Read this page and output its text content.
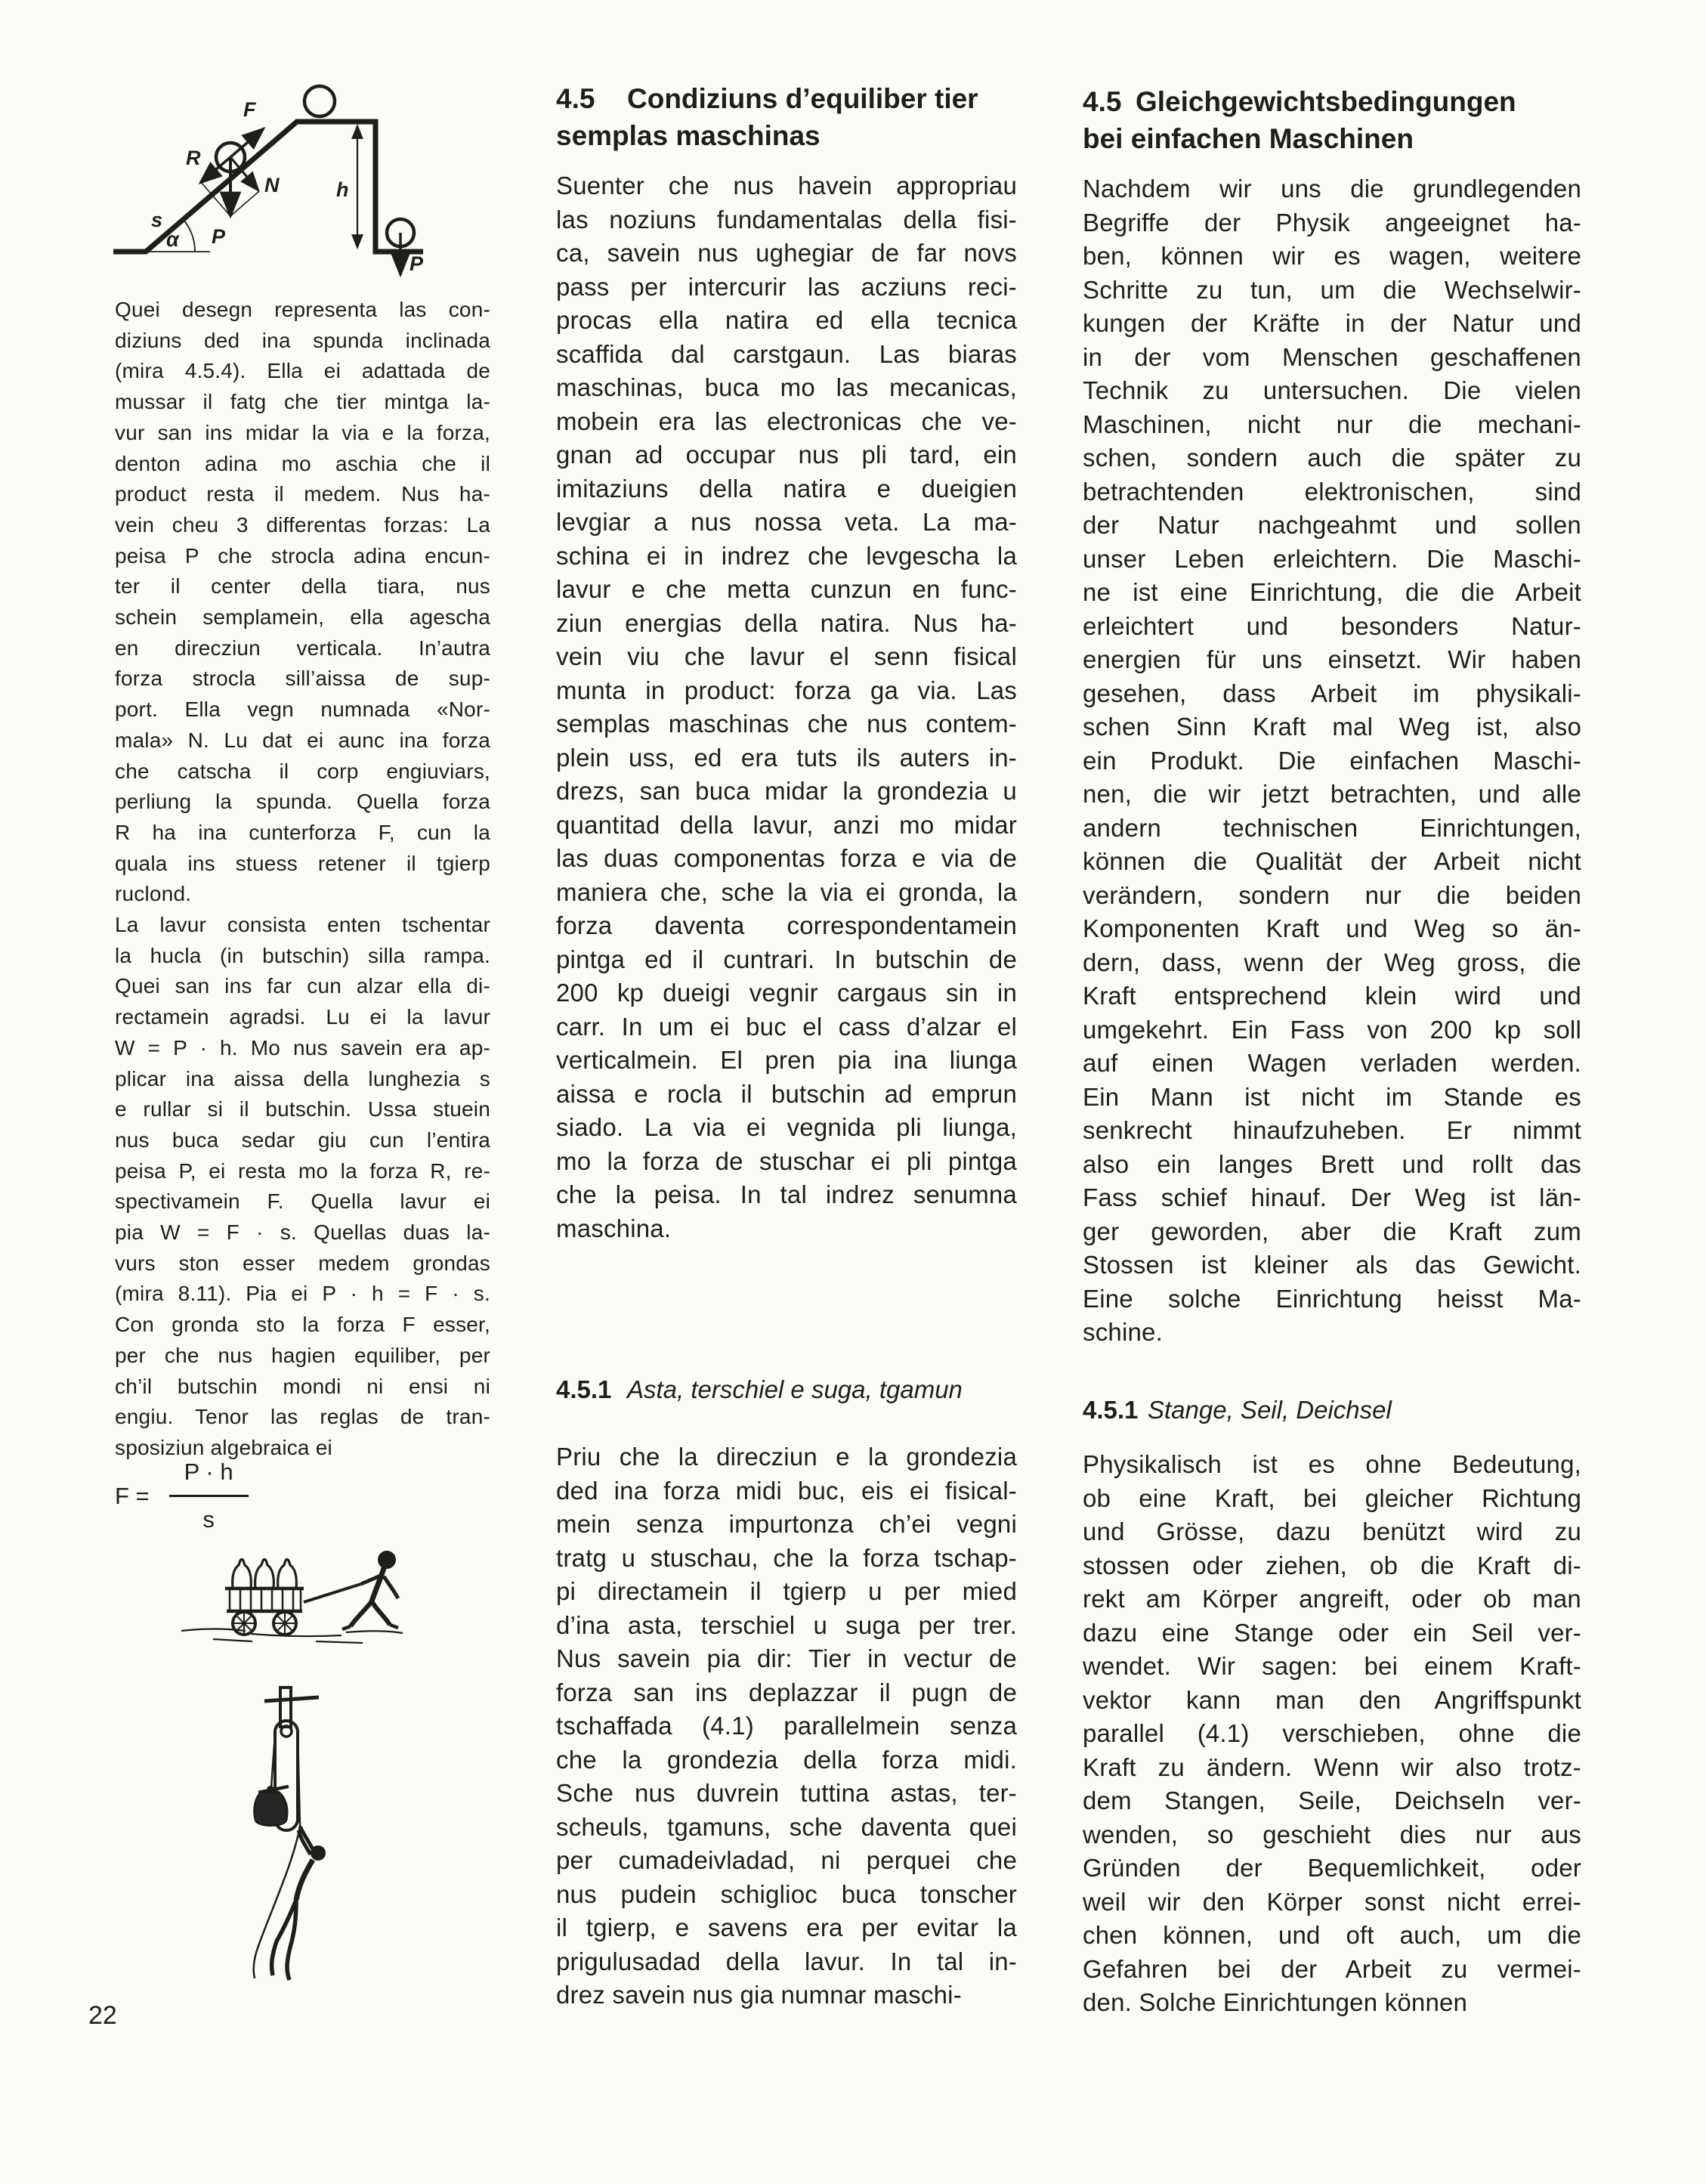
F
R
N
P
s
α
h
P
Quei desegn representa las con-
diziuns ded ina spunda inclinada
(mira 4.5.4). Ella ei adattada de
mussar il fatg che tier mintga la-
vur san ins midar la via e la forza,
denton adina mo aschia che il
product resta il medem. Nus ha-
vein cheu 3 differentas forzas: La
peisa P che strocla adina encun-
ter il center della tiara, nus
schein semplamein, ella agescha
en direcziun verticala. In’autra
forza strocla sill’aissa de sup-
port. Ella vegn numnada «Nor-
mala» N. Lu dat ei aunc ina forza
che catscha il corp engiuviars,
perliung la spunda. Quella forza
R ha ina cunterforza F, cun la
quala ins stuess retener il tgierp
ruclond.
La lavur consista enten tschentar
la hucla (in butschin) silla rampa.
Quei san ins far cun alzar ella di-
rectamein agradsi. Lu ei la lavur
W = P · h. Mo nus savein era ap-
plicar ina aissa della lunghezia s
e rullar si il butschin. Ussa stuein
nus buca sedar giu cun l’entira
peisa P, ei resta mo la forza R, re-
spectivamein F. Quella lavur ei
pia W = F · s. Quellas duas la-
vurs ston esser medem grondas
(mira 8.11). Pia ei P · h = F · s.
Con gronda sto la forza F esser,
per che nus hagien equiliber, per
ch’il butschin mondi ni ensi ni
engiu. Tenor las reglas de tran-
sposiziun algebraica ei
$F = \frac{P \cdot h}{s}$
22
4.5 Condiziuns d’equiliber tier
semplas maschinas
Suenter che nus havein appropriau
las noziuns fundamentalas della fisi-
ca, savein nus ughegiar de far novs
pass per intercurir las acziuns reci-
procas ella natira ed ella tecnica
scaffida dal carstgaun. Las biaras
maschinas, buca mo las mecanicas,
mobein era las electronicas che ve-
gnan ad occupar nus pli tard, ein
imitaziuns della natira e dueigien
levgiar a nus nossa veta. La ma-
schina ei in indrez che levgescha la
lavur e che metta cunzun en func-
ziun energias della natira. Nus ha-
vein viu che lavur el senn fisical
munta in product: forza ga via. Las
semplas maschinas che nus contem-
plein uss, ed era tuts ils auters in-
drezs, san buca midar la grondezia u
quantitad della lavur, anzi mo midar
las duas componentas forza e via de
maniera che, sche la via ei gronda, la
forza daventa correspondentamein
pintga ed il cuntrari. In butschin de
200 kp dueigi vegnir cargaus sin in
carr. In um ei buc el cass d’alzar el
verticalmein. El pren pia ina liunga
aissa e rocla il butschin ad emprun
siado. La via ei vegnida pli liunga,
mo la forza de stuschar ei pli pintga
che la peisa. In tal indrez senumna
maschina.
4.5.1 Asta, terschiel e suga, tgamun
Priu che la direcziun e la grondezia
ded ina forza midi buc, eis ei fisical-
mein senza impurtonza ch’ei vegni
tratg u stuschau, che la forza tschap-
pi directamein il tgierp u per mied
d’ina asta, terschiel u suga per trer.
Nus savein pia dir: Tier in vectur de
forza san ins deplazzar il pugn de
tschaffada (4.1) parallelmein senza
che la grondezia della forza midi.
Sche nus duvrein tuttina astas, ter-
scheuls, tgamuns, sche daventa quei
per cumadeivladad, ni perquei che
nus pudein schiglioc buca tonscher
il tgierp, e savens era per evitar la
prigulusadad della lavur. In tal in-
drez savein nus gia numnar maschi-
4.5 Gleichgewichtsbedingungen
bei einfachen Maschinen
Nachdem wir uns die grundlegenden
Begriffe der Physik angeeignet ha-
ben, können wir es wagen, weitere
Schritte zu tun, um die Wechselwir-
kungen der Kräfte in der Natur und
in der vom Menschen geschaffenen
Technik zu untersuchen. Die vielen
Maschinen, nicht nur die mechani-
schen, sondern auch die später zu
betrachtenden elektronischen, sind
der Natur nachgeahmt und sollen
unser Leben erleichtern. Die Maschi-
ne ist eine Einrichtung, die die Arbeit
erleichtert und besonders Natur-
energien für uns einsetzt. Wir haben
gesehen, dass Arbeit im physikali-
schen Sinn Kraft mal Weg ist, also
ein Produkt. Die einfachen Maschi-
nen, die wir jetzt betrachten, und alle
andern technischen Einrichtungen,
können die Qualität der Arbeit nicht
verändern, sondern nur die beiden
Komponenten Kraft und Weg so än-
dern, dass, wenn der Weg gross, die
Kraft entsprechend klein wird und
umgekehrt. Ein Fass von 200 kp soll
auf einen Wagen verladen werden.
Ein Mann ist nicht im Stande es
senkrecht hinaufzuheben. Er nimmt
also ein langes Brett und rollt das
Fass schief hinauf. Der Weg ist län-
ger geworden, aber die Kraft zum
Stossen ist kleiner als das Gewicht.
Eine solche Einrichtung heisst Ma-
schine.
4.5.1 Stange, Seil, Deichsel
Physikalisch ist es ohne Bedeutung,
ob eine Kraft, bei gleicher Richtung
und Grösse, dazu benützt wird zu
stossen oder ziehen, ob die Kraft di-
rekt am Körper angreift, oder ob man
dazu eine Stange oder ein Seil ver-
wendet. Wir sagen: bei einem Kraft-
vektor kann man den Angriffspunkt
parallel (4.1) verschieben, ohne die
Kraft zu ändern. Wenn wir also trotz-
dem Stangen, Seile, Deichseln ver-
wenden, so geschieht dies nur aus
Gründen der Bequemlichkeit, oder
weil wir den Körper sonst nicht errei-
chen können, und oft auch, um die
Gefahren bei der Arbeit zu vermei-
den. Solche Einrichtungen können
